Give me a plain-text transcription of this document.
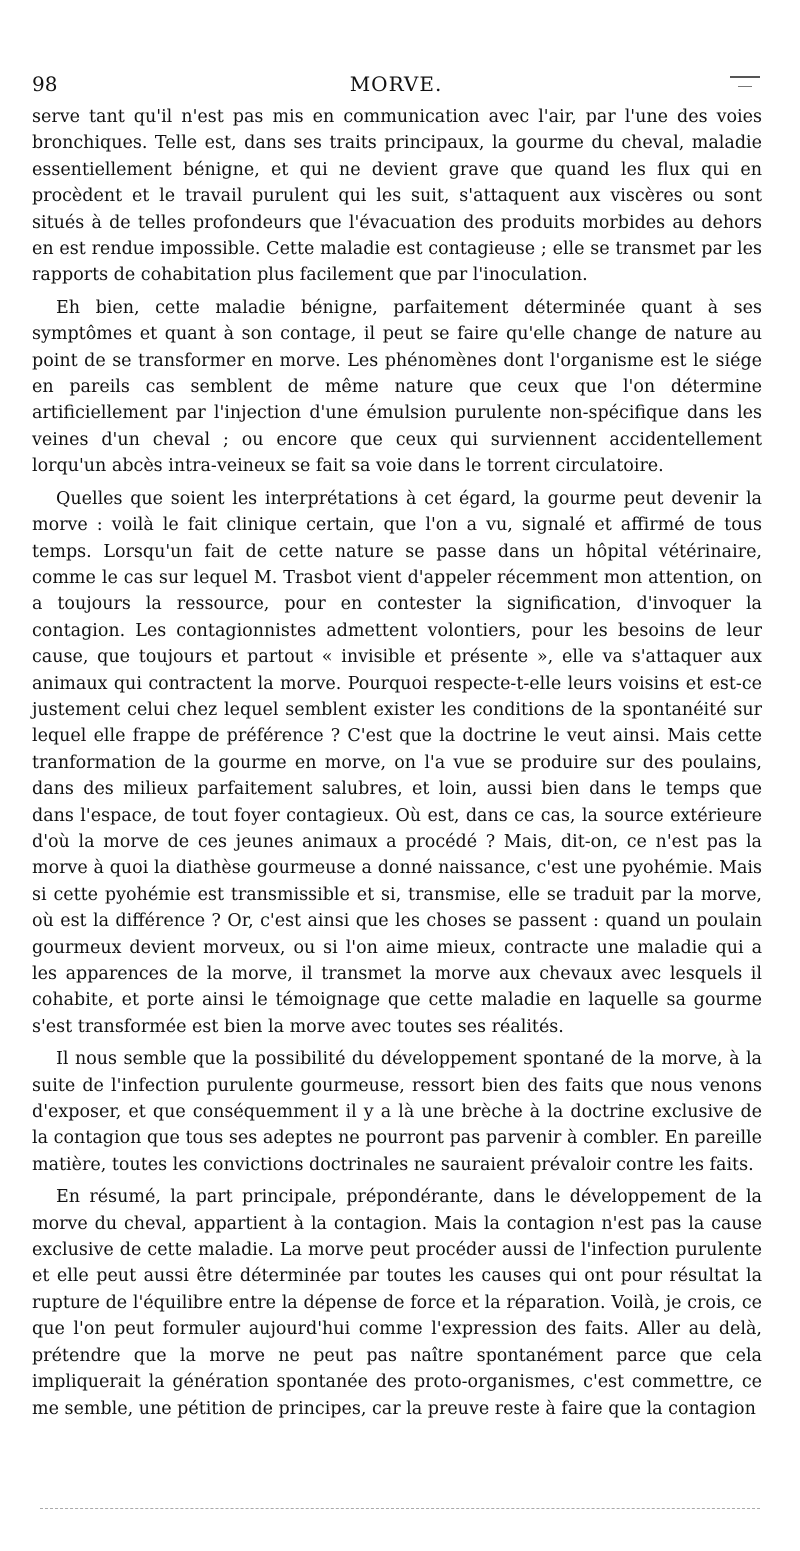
98	MORVE.

serve tant qu'il n'est pas mis en communication avec l'air, par l'une des voies bronchiques. Telle est, dans ses traits principaux, la gourme du cheval, maladie essentiellement bénigne, et qui ne devient grave que quand les flux qui en procèdent et le travail purulent qui les suit, s'attaquent aux viscères ou sont situés à de telles profondeurs que l'évacuation des produits morbides au dehors en est rendue impossible. Cette maladie est contagieuse ; elle se transmet par les rapports de cohabitation plus facilement que par l'inoculation.

Eh bien, cette maladie bénigne, parfaitement déterminée quant à ses symptômes et quant à son contage, il peut se faire qu'elle change de nature au point de se transformer en morve. Les phénomènes dont l'organisme est le siége en pareils cas semblent de même nature que ceux que l'on détermine artificiellement par l'injection d'une émulsion purulente non-spécifique dans les veines d'un cheval ; ou encore que ceux qui surviennent accidentellement lorqu'un abcès intra-veineux se fait sa voie dans le torrent circulatoire.

Quelles que soient les interprétations à cet égard, la gourme peut devenir la morve : voilà le fait clinique certain, que l'on a vu, signalé et affirmé de tous temps. Lorsqu'un fait de cette nature se passe dans un hôpital vétérinaire, comme le cas sur lequel M. Trasbot vient d'appeler récemment mon attention, on a toujours la ressource, pour en contester la signification, d'invoquer la contagion. Les contagionnistes admettent volontiers, pour les besoins de leur cause, que toujours et partout « invisible et présente », elle va s'attaquer aux animaux qui contractent la morve. Pourquoi respecte-t-elle leurs voisins et est-ce justement celui chez lequel semblent exister les conditions de la spontanéité sur lequel elle frappe de préférence ? C'est que la doctrine le veut ainsi. Mais cette tranformation de la gourme en morve, on l'a vue se produire sur des poulains, dans des milieux parfaitement salubres, et loin, aussi bien dans le temps que dans l'espace, de tout foyer contagieux. Où est, dans ce cas, la source extérieure d'où la morve de ces jeunes animaux a procédé ? Mais, dit-on, ce n'est pas la morve à quoi la diathèse gourmeuse a donné naissance, c'est une pyohémie. Mais si cette pyohémie est transmissible et si, transmise, elle se traduit par la morve, où est la différence ? Or, c'est ainsi que les choses se passent : quand un poulain gourmeux devient morveux, ou si l'on aime mieux, contracte une maladie qui a les apparences de la morve, il transmet la morve aux chevaux avec lesquels il cohabite, et porte ainsi le témoignage que cette maladie en laquelle sa gourme s'est transformée est bien la morve avec toutes ses réalités.

Il nous semble que la possibilité du développement spontané de la morve, à la suite de l'infection purulente gourmeuse, ressort bien des faits que nous venons d'exposer, et que conséquemment il y a là une brèche à la doctrine exclusive de la contagion que tous ses adeptes ne pourront pas parvenir à combler. En pareille matière, toutes les convictions doctrinales ne sauraient prévaloir contre les faits.

En résumé, la part principale, prépondérante, dans le développement de la morve du cheval, appartient à la contagion. Mais la contagion n'est pas la cause exclusive de cette maladie. La morve peut procéder aussi de l'infection purulente et elle peut aussi être déterminée par toutes les causes qui ont pour résultat la rupture de l'équilibre entre la dépense de force et la réparation. Voilà, je crois, ce que l'on peut formuler aujourd'hui comme l'expression des faits. Aller au delà, prétendre que la morve ne peut pas naître spontanément parce que cela impliquerait la génération spontanée des proto-organismes, c'est commettre, ce me semble, une pétition de principes, car la preuve reste à faire que la contagion
